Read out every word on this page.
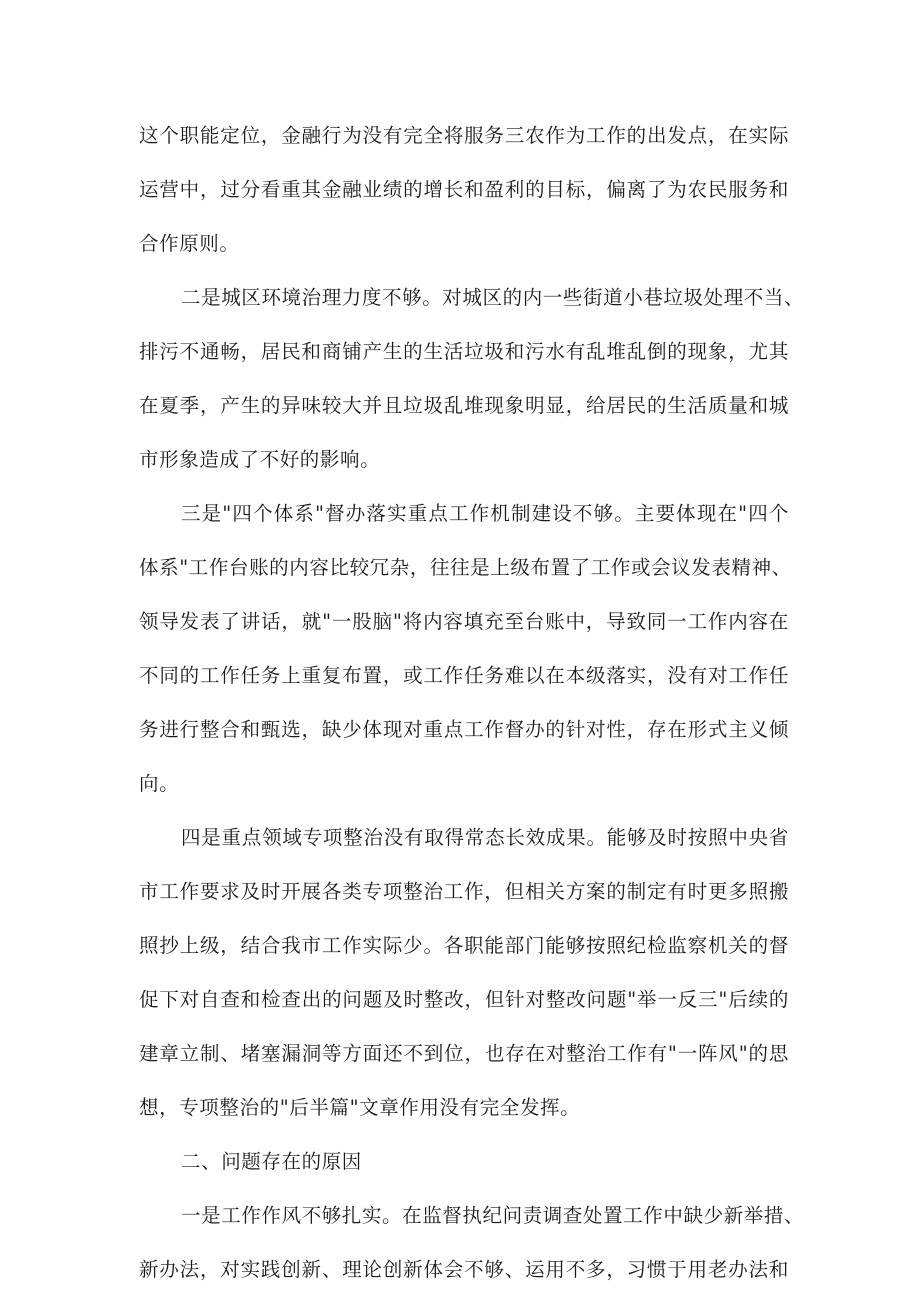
这个职能定位，金融行为没有完全将服务三农作为工作的出发点，在实际
运营中，过分看重其金融业绩的增长和盈利的目标，偏离了为农民服务和
合作原则。
二是城区环境治理力度不够。对城区的内一些街道小巷垃圾处理不当、
排污不通畅，居民和商铺产生的生活垃圾和污水有乱堆乱倒的现象，尤其
在夏季，产生的异味较大并且垃圾乱堆现象明显，给居民的生活质量和城
市形象造成了不好的影响。
三是"四个体系"督办落实重点工作机制建设不够。主要体现在"四个
体系"工作台账的内容比较冗杂，往往是上级布置了工作或会议发表精神、
领导发表了讲话，就"一股脑"将内容填充至台账中，导致同一工作内容在
不同的工作任务上重复布置，或工作任务难以在本级落实，没有对工作任
务进行整合和甄选，缺少体现对重点工作督办的针对性，存在形式主义倾
向。
四是重点领域专项整治没有取得常态长效成果。能够及时按照中央省
市工作要求及时开展各类专项整治工作，但相关方案的制定有时更多照搬
照抄上级，结合我市工作实际少。各职能部门能够按照纪检监察机关的督
促下对自查和检查出的问题及时整改，但针对整改问题"举一反三"后续的
建章立制、堵塞漏洞等方面还不到位，也存在对整治工作有"一阵风"的思
想，专项整治的"后半篇"文章作用没有完全发挥。
二、问题存在的原因
一是工作作风不够扎实。在监督执纪问责调查处置工作中缺少新举措、
新办法，对实践创新、理论创新体会不够、运用不多，习惯于用老办法和
